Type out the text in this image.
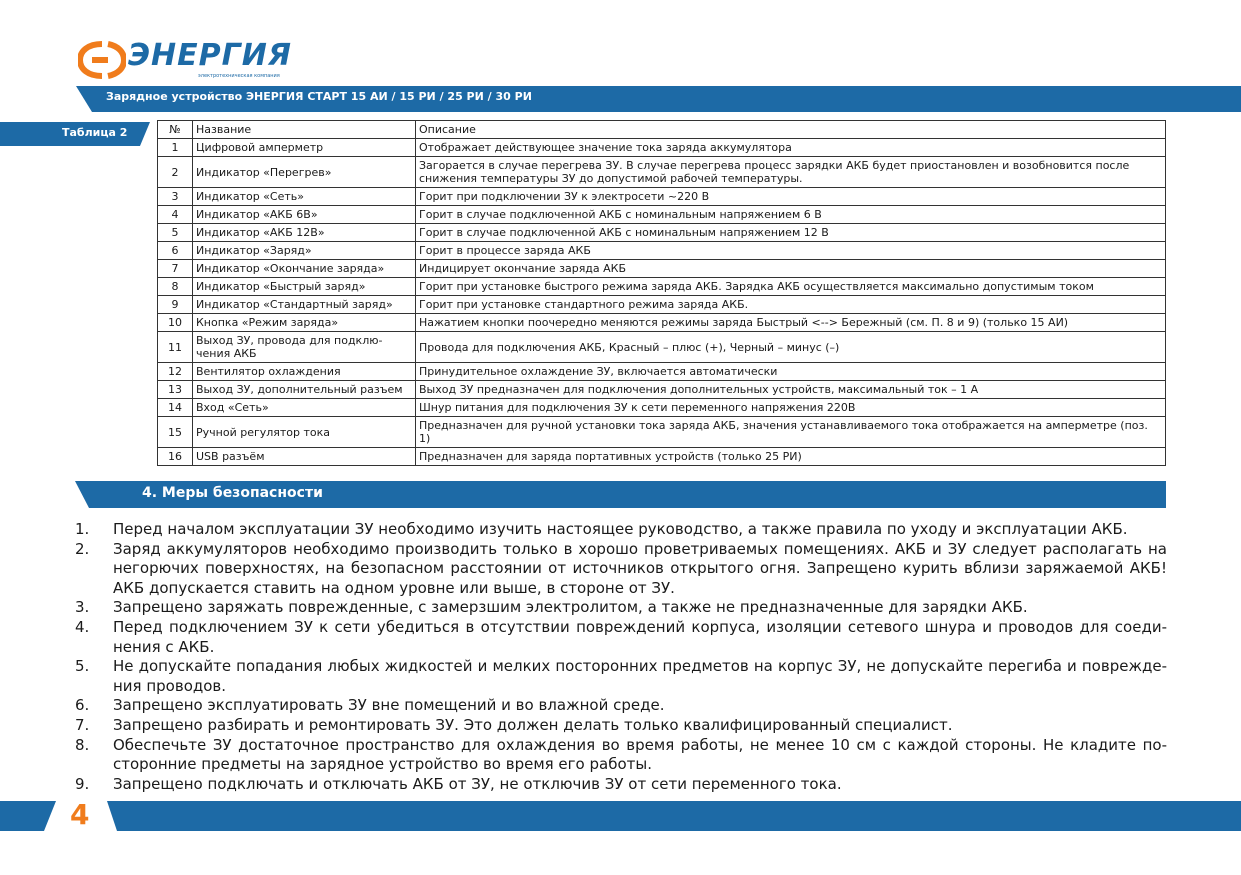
ЭНЕРГИЯ
электротехническая компания
Зарядное устройство ЭНЕРГИЯ СТАРТ 15 АИ / 15 РИ / 25 РИ / 30 РИ
Таблица 2	№	Название	Описание
1	Цифровой амперметр	Отображает действующее значение тока заряда аккумулятора
2	Индикатор «Перегрев»	Загорается в случае перегрева ЗУ. В случае перегрева процесс зарядки АКБ будет приостановлен и возобновится после снижения температуры ЗУ до допустимой рабочей температуры.
3	Индикатор «Сеть»	Горит при подключении ЗУ к электросети ~220 В
4	Индикатор «АКБ 6В»	Горит в случае подключенной АКБ с номинальным напряжением 6 В
5	Индикатор «АКБ 12В»	Горит в случае подключенной АКБ с номинальным напряжением 12 В
6	Индикатор «Заряд»	Горит в процессе заряда АКБ
7	Индикатор «Окончание заряда»	Индицирует окончание заряда АКБ
8	Индикатор «Быстрый заряд»	Горит при установке быстрого режима заряда АКБ. Зарядка АКБ осуществляется максимально допустимым током
9	Индикатор «Стандартный заряд»	Горит при установке стандартного режима заряда АКБ.
10	Кнопка «Режим заряда»	Нажатием кнопки поочередно меняются режимы заряда Быстрый <--> Бережный (см. П. 8 и 9) (только 15 АИ)
11	Выход ЗУ, провода для подключения АКБ	Провода для подключения АКБ, Красный – плюс (+), Черный – минус (–)
12	Вентилятор охлаждения	Принудительное охлаждение ЗУ, включается автоматически
13	Выход ЗУ, дополнительный разъем	Выход ЗУ предназначен для подключения дополнительных устройств, максимальный ток – 1 А
14	Вход «Сеть»	Шнур питания для подключения ЗУ к сети переменного напряжения 220В
15	Ручной регулятор тока	Предназначен для ручной установки тока заряда АКБ, значения устанавливаемого тока отображается на амперметре (поз. 1)
16	USB разъём	Предназначен для заряда портативных устройств (только 25 РИ)
4. Меры безопасности
1. Перед началом эксплуатации ЗУ необходимо изучить настоящее руководство, а также правила по уходу и эксплуатации АКБ.
2. Заряд аккумуляторов необходимо производить только в хорошо проветриваемых помещениях. АКБ и ЗУ следует располагать на негорючих поверхностях, на безопасном расстоянии от источников открытого огня. Запрещено курить вблизи заряжаемой АКБ! АКБ допускается ставить на одном уровне или выше, в стороне от ЗУ.
3. Запрещено заряжать поврежденные, с замерзшим электролитом, а также не предназначенные для зарядки АКБ.
4. Перед подключением ЗУ к сети убедиться в отсутствии повреждений корпуса, изоляции сетевого шнура и проводов для соединения с АКБ.
5. Не допускайте попадания любых жидкостей и мелких посторонних предметов на корпус ЗУ, не допускайте перегиба и повреждения проводов.
6. Запрещено эксплуатировать ЗУ вне помещений и во влажной среде.
7. Запрещено разбирать и ремонтировать ЗУ. Это должен делать только квалифицированный специалист.
8. Обеспечьте ЗУ достаточное пространство для охлаждения во время работы, не менее 10 см с каждой стороны. Не кладите посторонние предметы на зарядное устройство во время его работы.
9. Запрещено подключать и отключать АКБ от ЗУ, не отключив ЗУ от сети переменного тока.
4
